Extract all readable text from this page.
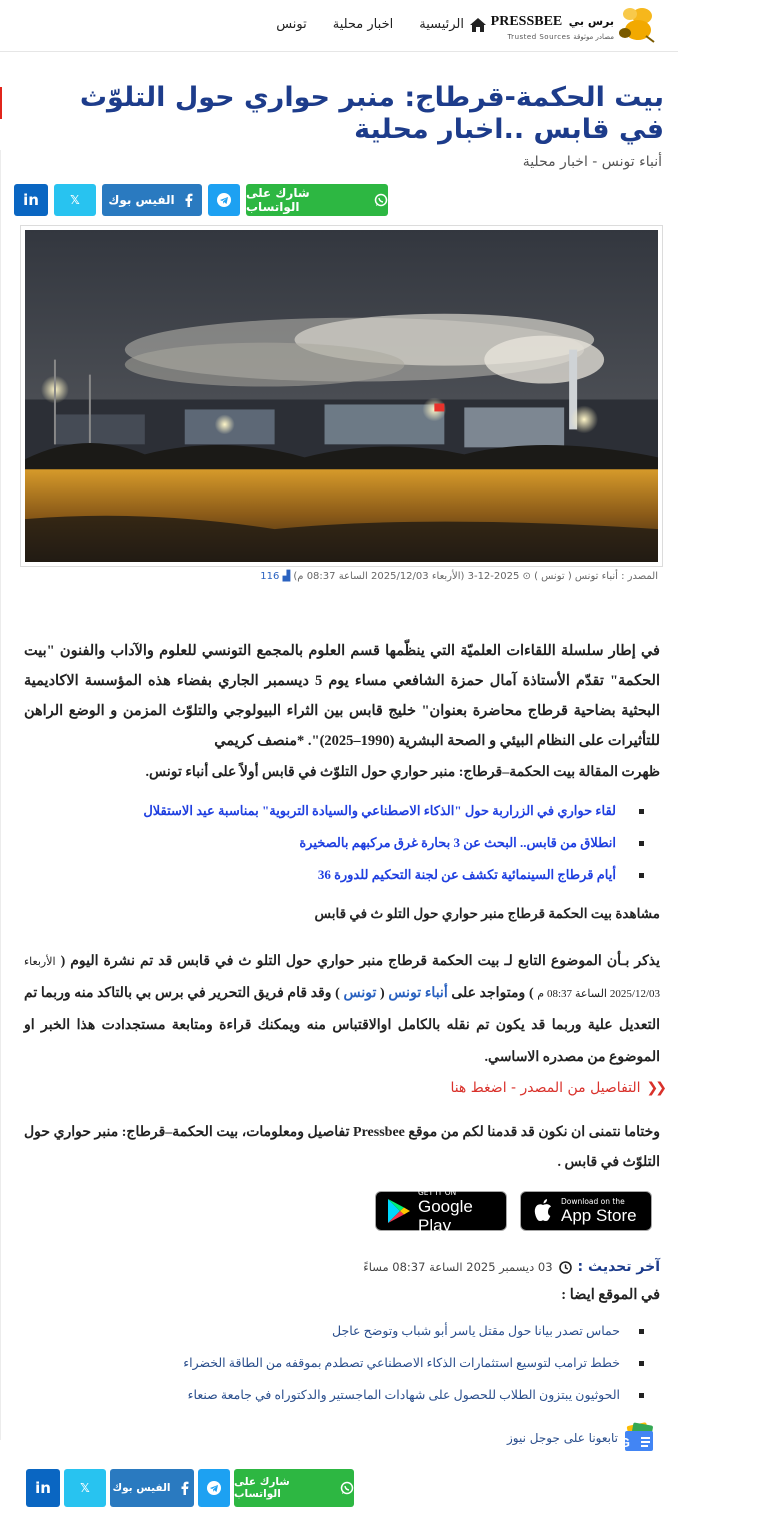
PRESSBEE برس بي
Trusted Sources مصادر موثوقة
الرئيسية
اخبار محلية
تونس
بيت الحكمة-قرطاج: منبر حواري حول التلوّث في قابس ..اخبار محلية
أنباء تونس - اخبار محلية
شارك على الواتساب
الفيس بوك
𝕏
in
المصدر : أنباء تونس ( تونس ) ⊙ 2025-12-3 (الأربعاء 2025/12/03 الساعة 08:37 م) ▟ 116
في إطار سلسلة اللقاءات العلميّة التي ينظّمها قسم العلوم بالمجمع التونسي للعلوم والآداب والفنون "بيت الحكمة" تقدّم الأستاذة آمال حمزة الشافعي مساء يوم 5 ديسمبر الجاري بفضاء هذه المؤسسة الاكاديمية البحثية بضاحية قرطاج محاضرة بعنوان" خليج قابس بين الثراء البيولوجي والتلوّث المزمن و الوضع الراهن للتأثيرات على النظام البيئي و الصحة البشرية (1990–2025)". *منصف كريمي
ظهرت المقالة بيت الحكمة–قرطاج: منبر حواري حول التلوّث في قابس أولاً على أنباء تونس.
لقاء حواري في الزراربة حول "الذكاء الاصطناعي والسيادة التربوية" بمناسبة عيد الاستقلال
انطلاق من قابس.. البحث عن 3 بحارة غرق مركبهم بالصخيرة
أيام قرطاج السينمائية تكشف عن لجنة التحكيم للدورة 36
مشاهدة بيت الحكمة قرطاج منبر حواري حول التلو ث في قابس
يذكر بـأن الموضوع التابع لـ بيت الحكمة قرطاج منبر حواري حول التلو ث في قابس قد تم نشرة اليوم ( الأربعاء 2025/12/03 الساعة 08:37 م ) ومتواجد على أنباء تونس ( تونس ) وقد قام فريق التحرير في برس بي بالتاكد منه وربما تم التعديل علية وربما قد يكون تم نقله بالكامل اوالاقتباس منه ويمكنك قراءة ومتابعة مستجدادت هذا الخبر او الموضوع من مصدره الاساسي.
❮❮
التفاصيل من المصدر - اضغط هنا
وختاما نتمنى ان نكون قد قدمنا لكم من موقع Pressbee تفاصيل ومعلومات، بيت الحكمة–قرطاج: منبر حواري حول التلوّث في قابس .
Download on the
App Store
GET IT ON
Google Play
آخر تحديث :
03 ديسمبر 2025 الساعة 08:37 مساءً
في الموقع ايضا :
حماس تصدر بيانا حول مقتل ياسر أبو شباب وتوضح عاجل
خطط ترامب لتوسيع استثمارات الذكاء الاصطناعي تصطدم بموقفه من الطاقة الخضراء
الحوثيون يبتزون الطلاب للحصول على شهادات الماجستير والدكتوراه في جامعة صنعاء
G
تابعونا على جوجل نيوز
شارك على الواتساب
الفيس بوك
𝕏
in
